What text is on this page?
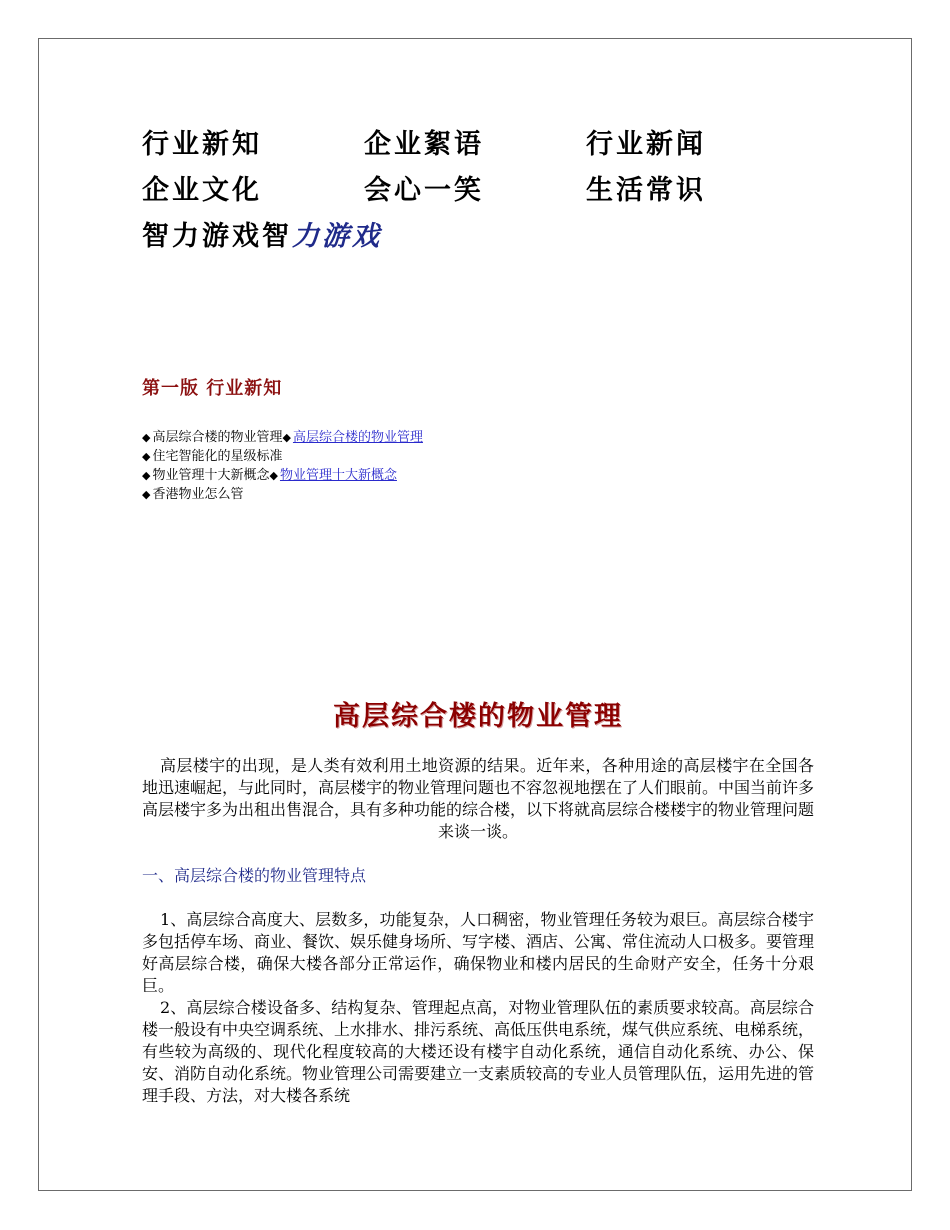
行业新知	企业絮语	行业新闻
企业文化	会心一笑	生活常识
智力游戏智力游戏
第一版 行业新知
◆ 高层综合楼的物业管理◆ 高层综合楼的物业管理
◆ 住宅智能化的星级标准
◆ 物业管理十大新概念◆ 物业管理十大新概念
◆ 香港物业怎么管
高层综合楼的物业管理
高层楼宇的出现，是人类有效利用土地资源的结果。近年来，各种用途的高层楼宇在全国各地迅速崛起，与此同时，高层楼宇的物业管理问题也不容忽视地摆在了人们眼前。中国当前许多高层楼宇多为出租出售混合，具有多种功能的综合楼，以下将就高层综合楼楼宇的物业管理问题来谈一谈。
一、高层综合楼的物业管理特点
1、高层综合高度大、层数多，功能复杂，人口稠密，物业管理任务较为艰巨。高层综合楼宇多包括停车场、商业、餐饮、娱乐健身场所、写字楼、酒店、公寓、常住流动人口极多。要管理好高层综合楼，确保大楼各部分正常运作，确保物业和楼内居民的生命财产安全，任务十分艰巨。
2、高层综合楼设备多、结构复杂、管理起点高，对物业管理队伍的素质要求较高。高层综合楼一般设有中央空调系统、上水排水、排污系统、高低压供电系统，煤气供应系统、电梯系统，有些较为高级的、现代化程度较高的大楼还设有楼宇自动化系统，通信自动化系统、办公、保安、消防自动化系统。物业管理公司需要建立一支素质较高的专业人员管理队伍，运用先进的管理手段、方法，对大楼各系统
